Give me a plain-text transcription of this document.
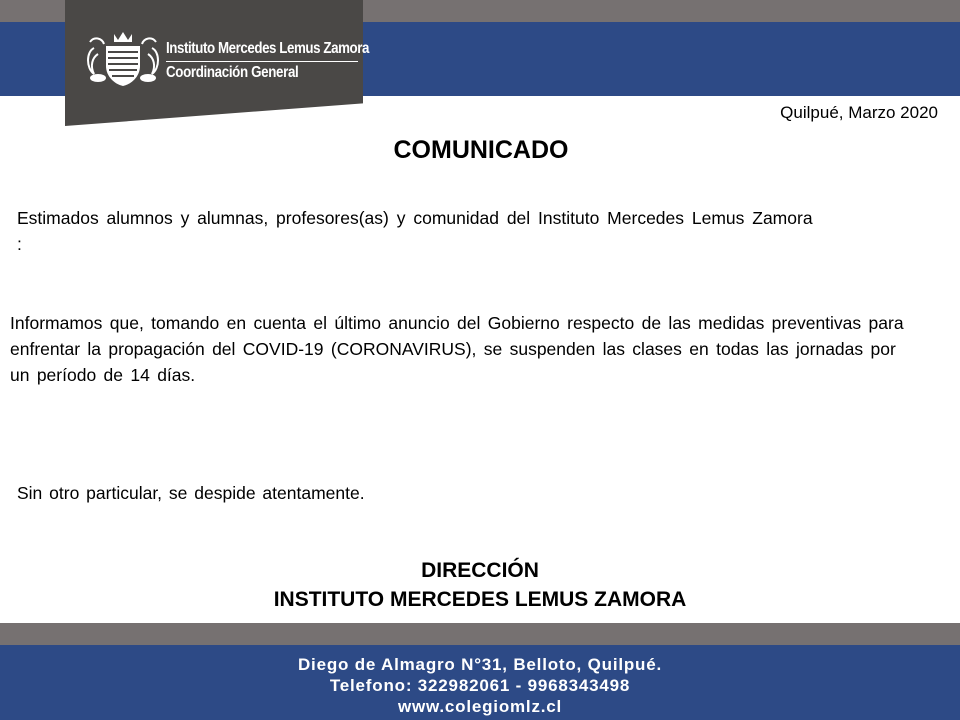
Instituto Mercedes Lemus Zamora
Coordinación General
Quilpué, Marzo 2020
COMUNICADO
Estimados alumnos y alumnas, profesores(as) y comunidad del Instituto Mercedes Lemus Zamora :
Informamos que, tomando en cuenta el último anuncio del Gobierno respecto de las medidas preventivas para enfrentar la propagación del COVID-19 (CORONAVIRUS), se suspenden las clases en todas las jornadas por un período de 14 días.
Sin otro particular, se despide atentamente.
DIRECCIÓN
INSTITUTO MERCEDES LEMUS ZAMORA
Diego de Almagro N°31, Belloto, Quilpué.
Telefono: 322982061 - 9968343498
www.colegiomlz.cl
